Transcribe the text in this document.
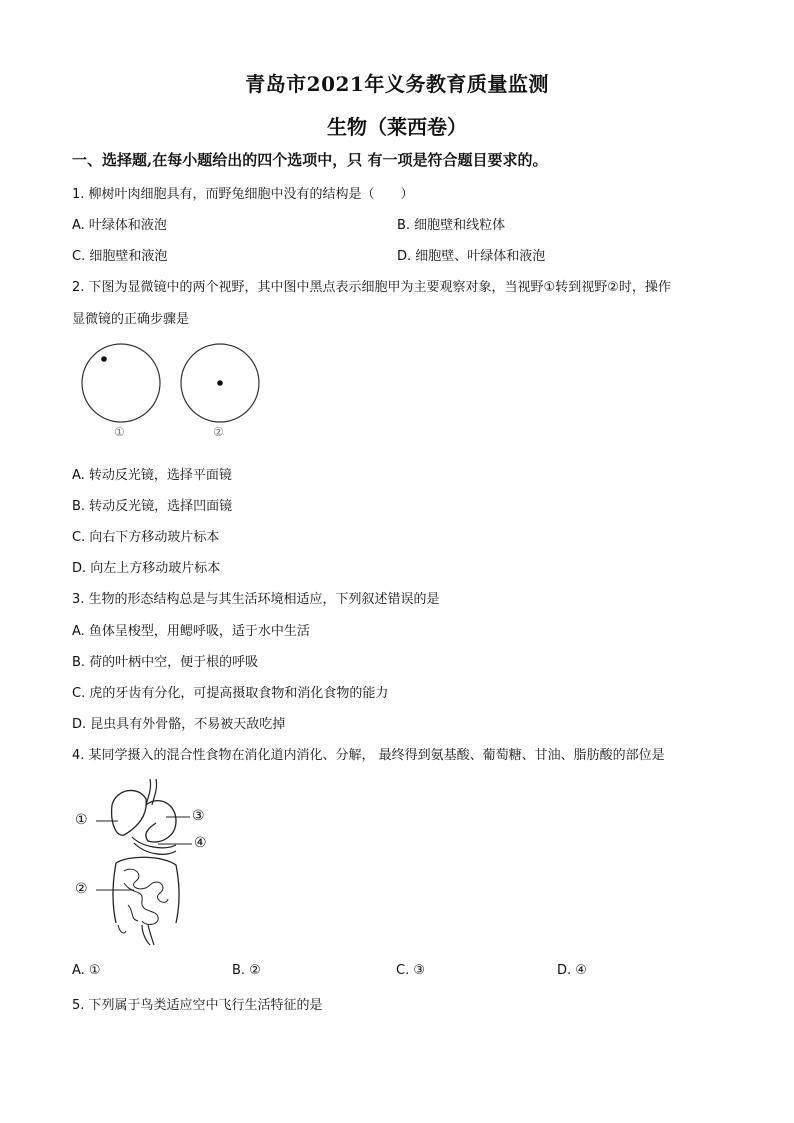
青岛市2021年义务教育质量监测
生物（莱西卷）
一、选择题,在每小题给出的四个选项中，只 有一项是符合题目要求的。
1. 柳树叶肉细胞具有，而野兔细胞中没有的结构是（　　）
A. 叶绿体和液泡	B. 细胞壁和线粒体
C. 细胞壁和液泡	D. 细胞壁、叶绿体和液泡
2. 下图为显微镜中的两个视野，其中图中黑点表示细胞甲为主要观察对象，当视野①转到视野②时，操作
显微镜的正确步骤是
①	②
A. 转动反光镜，选择平面镜
B. 转动反光镜，选择凹面镜
C. 向右下方移动玻片标本
D. 向左上方移动玻片标本
3. 生物的形态结构总是与其生活环境相适应，下列叙述错误的是
A. 鱼体呈梭型，用鳃呼吸，适于水中生活
B. 荷的叶柄中空，便于根的呼吸
C. 虎的牙齿有分化，可提高摄取食物和消化食物的能力
D. 昆虫具有外骨骼，不易被天敌吃掉
4. 某同学摄入的混合性食物在消化道内消化、分解， 最终得到氨基酸、葡萄糖、甘油、脂肪酸的部位是
①	③
④
②
A. ①	B. ②	C. ③	D. ④
5. 下列属于鸟类适应空中飞行生活特征的是
